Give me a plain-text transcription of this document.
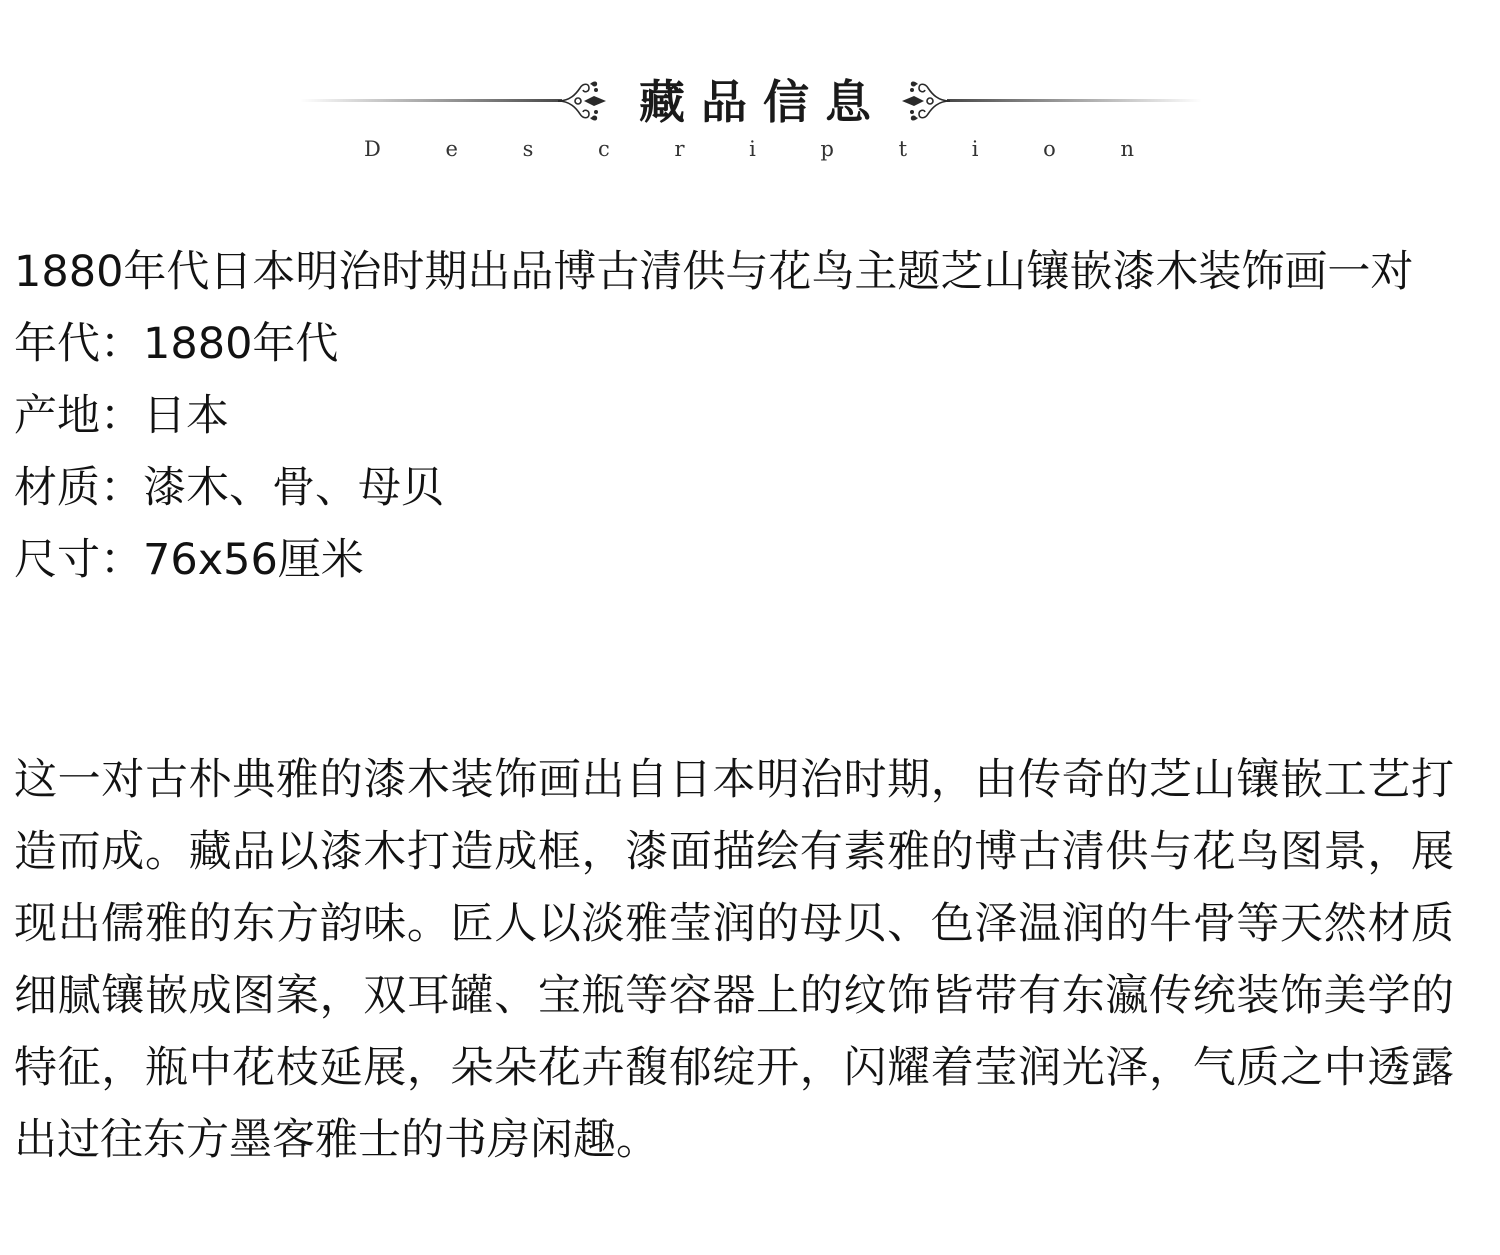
藏品信息
D	e	s	c	r	i	p	t	i	o	n
1880年代日本明治时期出品博古清供与花鸟主题芝山镶嵌漆木装饰画一对
年代 ： 1880年代
产地 ： 日本
材质 ： 漆木、骨、母贝
尺寸 ： 76x56厘米
这一对古朴典雅的漆木装饰画出自日本明治时期，由传奇的芝山镶嵌工艺打造而成。藏品以漆木打造成框，漆面描绘有素雅的博古清供与花鸟图景，展现出儒雅的东方韵味。匠人以淡雅莹润的母贝、色泽温润的牛骨等天然材质细腻镶嵌成图案，双耳罐、宝瓶等容器上的纹饰皆带有东瀛传统装饰美学的特征，瓶中花枝延展，朵朵花卉馥郁绽开，闪耀着莹润光泽，气质之中透露出过往东方墨客雅士的书房闲趣。
